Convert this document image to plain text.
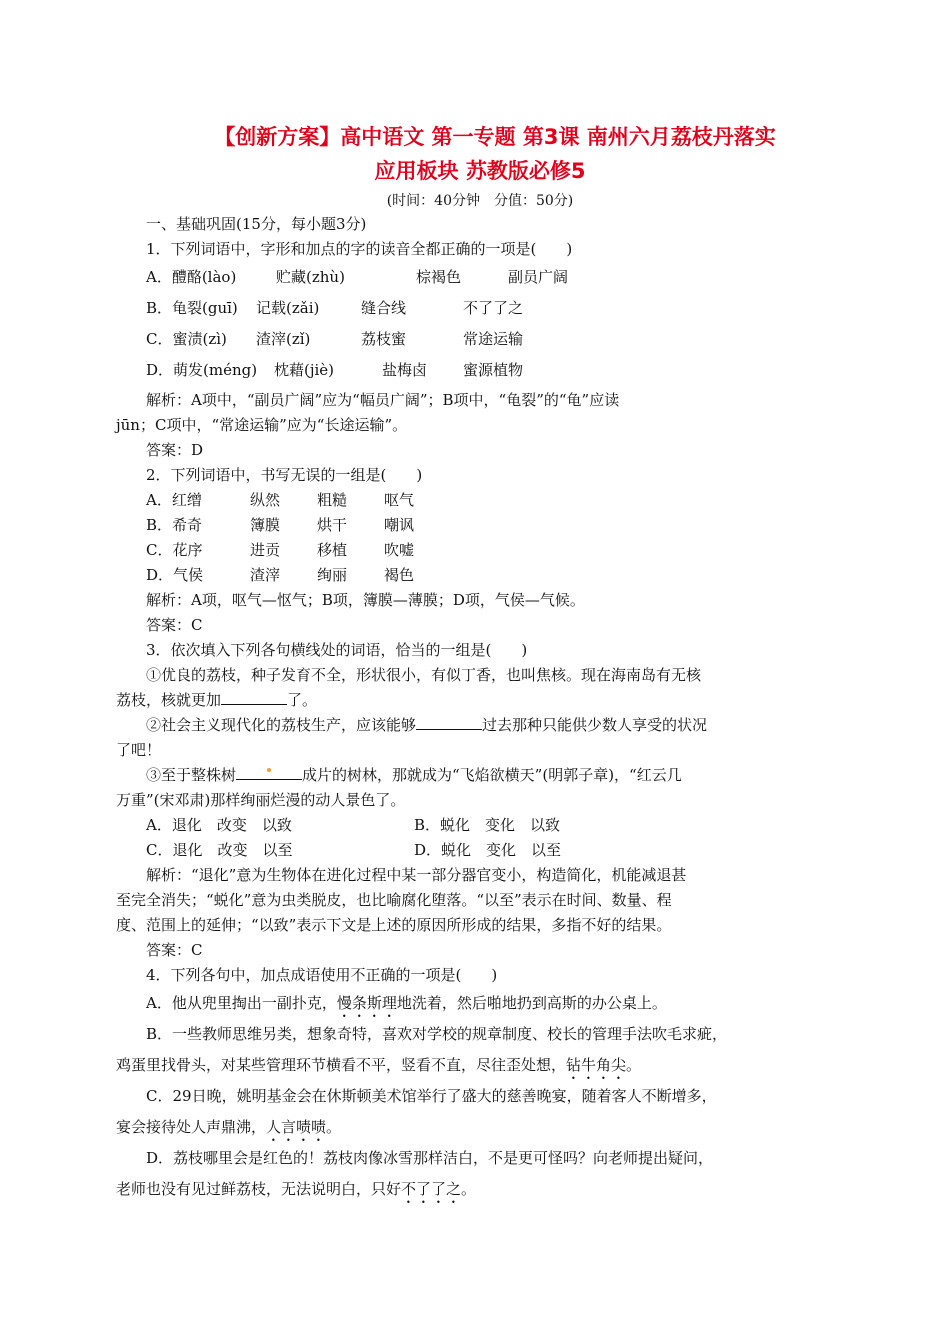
【创新方案】高中语文 第一专题 第3课 南州六月荔枝丹落实
应用板块 苏教版必修5
(时间：40分钟　分值：50分)
一、基础巩固(15分，每小题3分)
1．下列词语中，字形和加点的字的读音全都正确的一项是(　　)
A．醴酪(lào)	贮藏(zhù)	棕褐色	副员广阔
B．龟裂(guī)	记载(zǎi)	缝合线	不了了之
C．蜜渍(zì)	渣滓(zǐ)	荔枝蜜	常途运输
D．萌发(méng)	枕藉(jiè)	盐梅卤	蜜源植物
解析：A项中，“副员广阔”应为“幅员广阔”；B项中，“龟裂”的“龟”应读
jūn；C项中，“常途运输”应为“长途运输”。
答案：D
2．下列词语中，书写无误的一组是(　　)
A．红缯	纵然	粗糙	呕气
B．希奇	簿膜	烘干	嘲讽
C．花序	进贡	移植	吹嘘
D．气侯	渣滓	绚丽	褐色
解析：A项，呕气—怄气；B项，簿膜—薄膜；D项，气侯—气候。
答案：C
3．依次填入下列各句横线处的词语，恰当的一组是(　　)
①优良的荔枝，种子发育不全，形状很小，有似丁香，也叫焦核。现在海南岛有无核
荔枝，核就更加	了。
②社会主义现代化的荔枝生产，应该能够	过去那种只能供少数人享受的状况
了吧！
③至于整株树	成片的树林，那就成为“飞焰欲横天”(明郭子章)，“红云几
万重”(宋邓肃)那样绚丽烂漫的动人景色了。
A．退化　改变　以致	B．蜕化　变化　以致
C．退化　改变　以至	D．蜕化　变化　以至
解析：“退化”意为生物体在进化过程中某一部分器官变小，构造简化，机能减退甚
至完全消失；“蜕化”意为虫类脱皮，也比喻腐化堕落。“以至”表示在时间、数量、程
度、范围上的延伸；“以致”表示下文是上述的原因所形成的结果，多指不好的结果。
答案：C
4．下列各句中，加点成语使用不正确的一项是(　　)
A．他从兜里掏出一副扑克，慢条斯理地洗着，然后啪地扔到高斯的办公桌上。
B．一些教师思维另类，想象奇特，喜欢对学校的规章制度、校长的管理手法吹毛求疵，
鸡蛋里找骨头，对某些管理环节横看不平，竖看不直，尽往歪处想，钻牛角尖。
C．29日晚，姚明基金会在休斯顿美术馆举行了盛大的慈善晚宴，随着客人不断增多，
宴会接待处人声鼎沸，人言啧啧。
D．荔枝哪里会是红色的！荔枝肉像冰雪那样洁白，不是更可怪吗？向老师提出疑问，
老师也没有见过鲜荔枝，无法说明白，只好不了了之。
